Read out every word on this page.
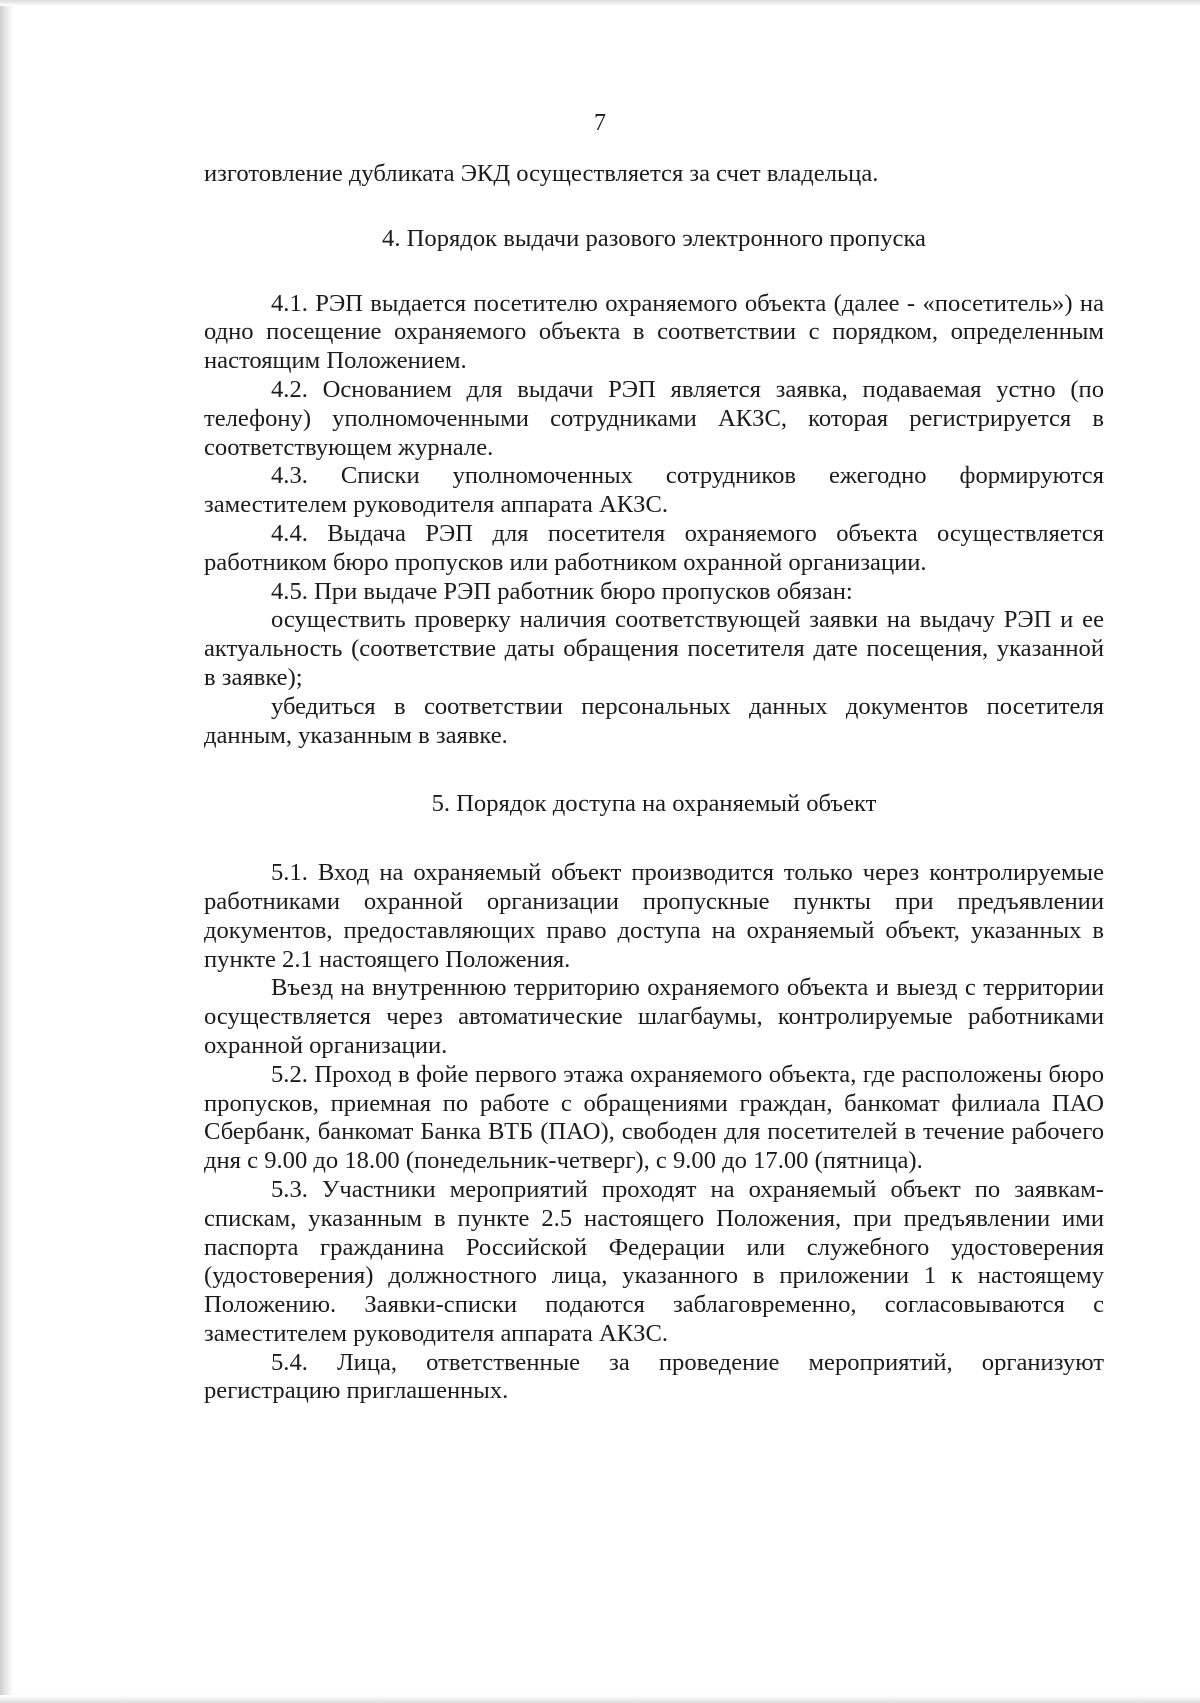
7

изготовление дубликата ЭКД осуществляется за счет владельца.

4. Порядок выдачи разового электронного пропуска

4.1. РЭП выдается посетителю охраняемого объекта (далее - «посетитель») на одно посещение охраняемого объекта в соответствии с порядком, определенным настоящим Положением.

4.2. Основанием для выдачи РЭП является заявка, подаваемая устно (по телефону) уполномоченными сотрудниками АКЗС, которая регистрируется в соответствующем журнале.

4.3. Списки уполномоченных сотрудников ежегодно формируются заместителем руководителя аппарата АКЗС.

4.4. Выдача РЭП для посетителя охраняемого объекта осуществляется работником бюро пропусков или работником охранной организации.

4.5. При выдаче РЭП работник бюро пропусков обязан:

осуществить проверку наличия соответствующей заявки на выдачу РЭП и ее актуальность (соответствие даты обращения посетителя дате посещения, указанной в заявке);

убедиться в соответствии персональных данных документов посетителя данным, указанным в заявке.

5. Порядок доступа на охраняемый объект

5.1. Вход на охраняемый объект производится только через контролируемые работниками охранной организации пропускные пункты при предъявлении документов, предоставляющих право доступа на охраняемый объект, указанных в пункте 2.1 настоящего Положения.

Въезд на внутреннюю территорию охраняемого объекта и выезд с территории осуществляется через автоматические шлагбаумы, контролируемые работниками охранной организации.

5.2. Проход в фойе первого этажа охраняемого объекта, где расположены бюро пропусков, приемная по работе с обращениями граждан, банкомат филиала ПАО Сбербанк, банкомат Банка ВТБ (ПАО), свободен для посетителей в течение рабочего дня с 9.00 до 18.00 (понедельник-четверг), с 9.00 до 17.00 (пятница).

5.3. Участники мероприятий проходят на охраняемый объект по заявкам-спискам, указанным в пункте 2.5 настоящего Положения, при предъявлении ими паспорта гражданина Российской Федерации или служебного удостоверения (удостоверения) должностного лица, указанного в приложении 1 к настоящему Положению. Заявки-списки подаются заблаговременно, согласовываются с заместителем руководителя аппарата АКЗС.

5.4. Лица, ответственные за проведение мероприятий, организуют регистрацию приглашенных.
